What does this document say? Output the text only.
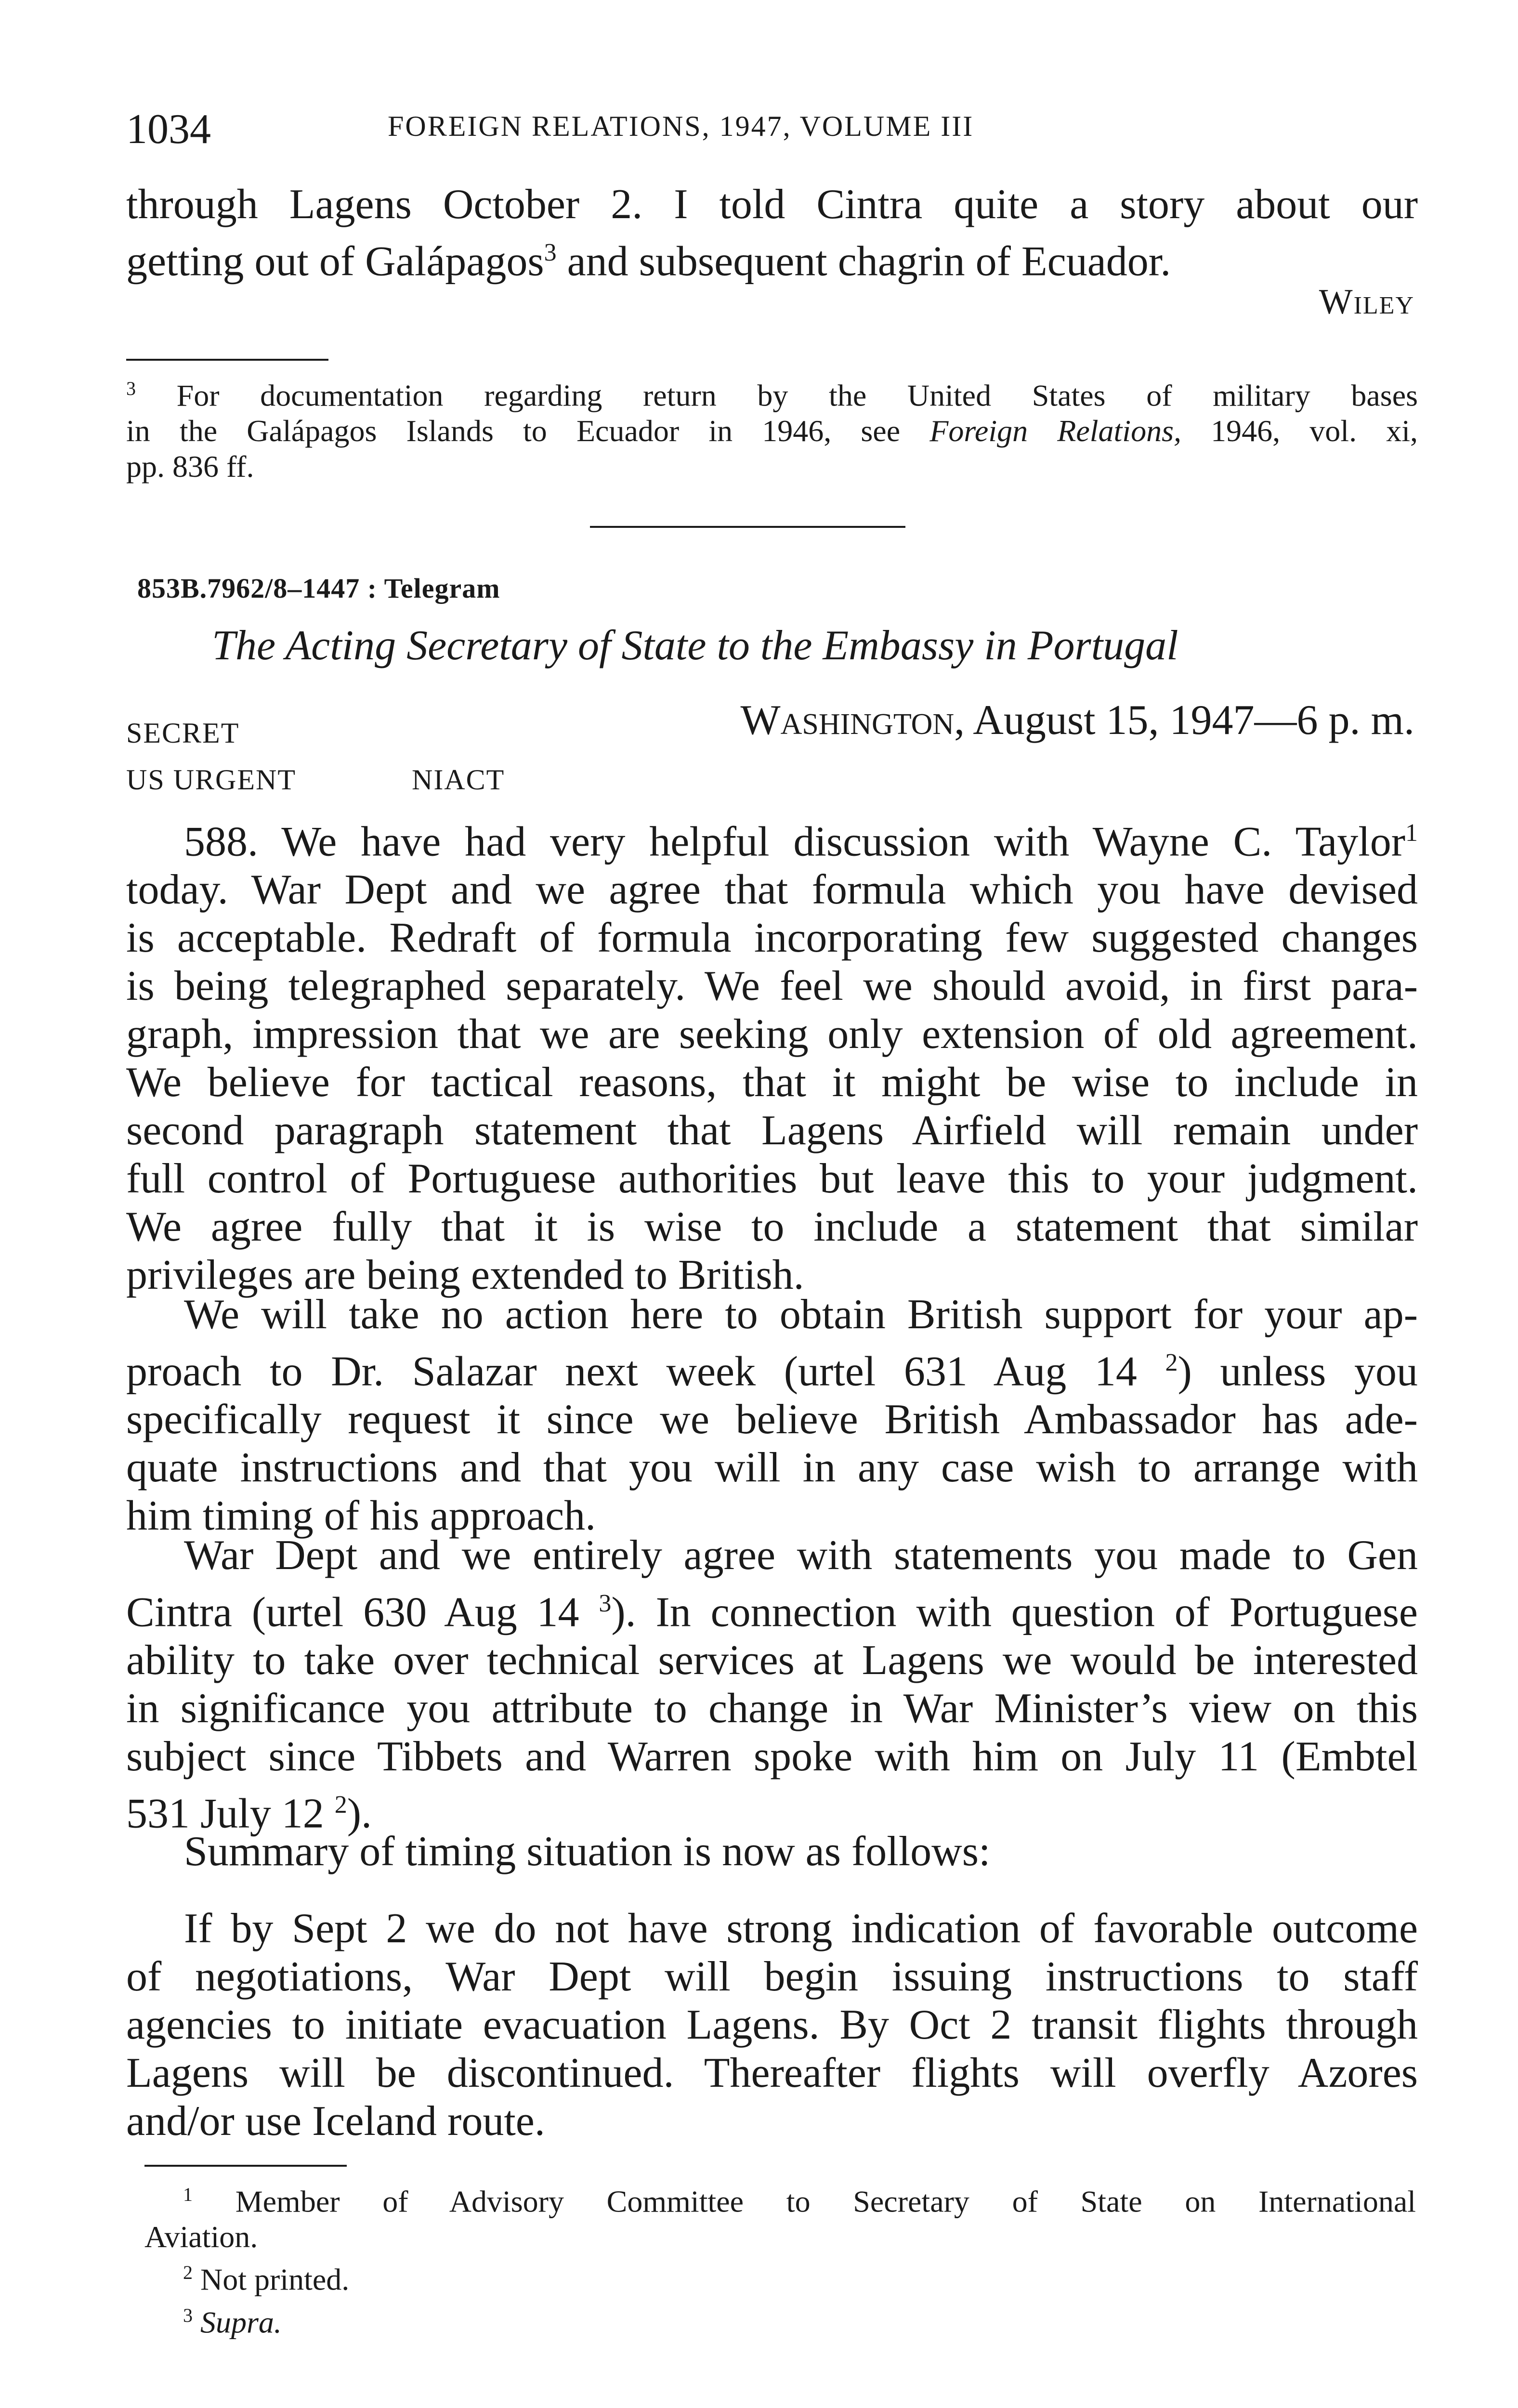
1034	FOREIGN RELATIONS, 1947, VOLUME III
through Lagens October 2. I told Cintra quite a story about our
getting out of Galápagos$^3$ and subsequent chagrin of Ecuador.
Wiley
$^3$ For documentation regarding return by the United States of military bases
in the Galápagos Islands to Ecuador in 1946, see Foreign Relations, 1946, vol. xi,
pp. 836 ff.
853B.7962/8–1447 : Telegram
The Acting Secretary of State to the Embassy in Portugal
SECRET	Washington, August 15, 1947—6 p. m.
US URGENT	NIACT
588. We have had very helpful discussion with Wayne C. Taylor$^1$
today. War Dept and we agree that formula which you have devised
is acceptable. Redraft of formula incorporating few suggested changes
is being telegraphed separately. We feel we should avoid, in first para-
graph, impression that we are seeking only extension of old agreement.
We believe for tactical reasons, that it might be wise to include in
second paragraph statement that Lagens Airfield will remain under
full control of Portuguese authorities but leave this to your judgment.
We agree fully that it is wise to include a statement that similar
privileges are being extended to British.
We will take no action here to obtain British support for your ap-
proach to Dr. Salazar next week (urtel 631 Aug 14 $^2$) unless you
specifically request it since we believe British Ambassador has ade-
quate instructions and that you will in any case wish to arrange with
him timing of his approach.
War Dept and we entirely agree with statements you made to Gen
Cintra (urtel 630 Aug 14 $^3$). In connection with question of Portuguese
ability to take over technical services at Lagens we would be interested
in significance you attribute to change in War Minister’s view on this
subject since Tibbets and Warren spoke with him on July 11 (Embtel
531 July 12 $^2$).
Summary of timing situation is now as follows:
If by Sept 2 we do not have strong indication of favorable outcome
of negotiations, War Dept will begin issuing instructions to staff
agencies to initiate evacuation Lagens. By Oct 2 transit flights through
Lagens will be discontinued. Thereafter flights will overfly Azores
and/or use Iceland route.
$^1$ Member of Advisory Committee to Secretary of State on International
Aviation.
$^2$ Not printed.
$^3$ Supra.
